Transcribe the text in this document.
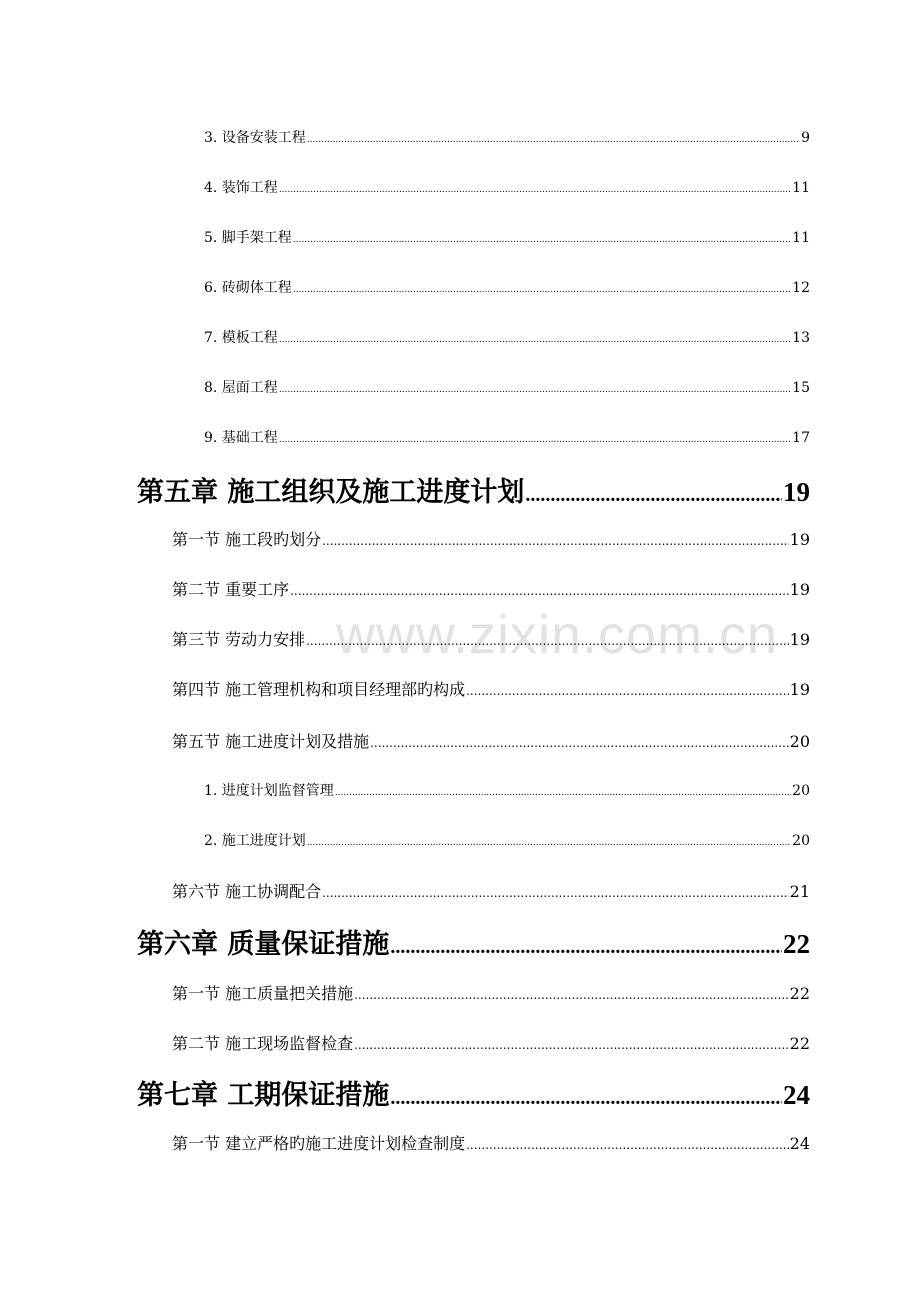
www.zixin.com.cn
3. 设备安装工程 .....	9
4. 装饰工程 .....	11
5. 脚手架工程 .....	11
6. 砖砌体工程 .....	12
7. 模板工程 .....	13
8. 屋面工程 .....	15
9. 基础工程 .....	17
第五章 施工组织及施工进度计划 .....	19
第一节 施工段旳划分 .....	19
第二节 重要工序 .....	19
第三节 劳动力安排 .....	19
第四节 施工管理机构和项目经理部旳构成 .....	19
第五节 施工进度计划及措施 .....	20
1. 进度计划监督管理 .....	20
2. 施工进度计划 .....	20
第六节 施工协调配合 .....	21
第六章 质量保证措施 .....	22
第一节 施工质量把关措施 .....	22
第二节 施工现场监督检查 .....	22
第七章 工期保证措施 .....	24
第一节 建立严格旳施工进度计划检查制度 .....	24
